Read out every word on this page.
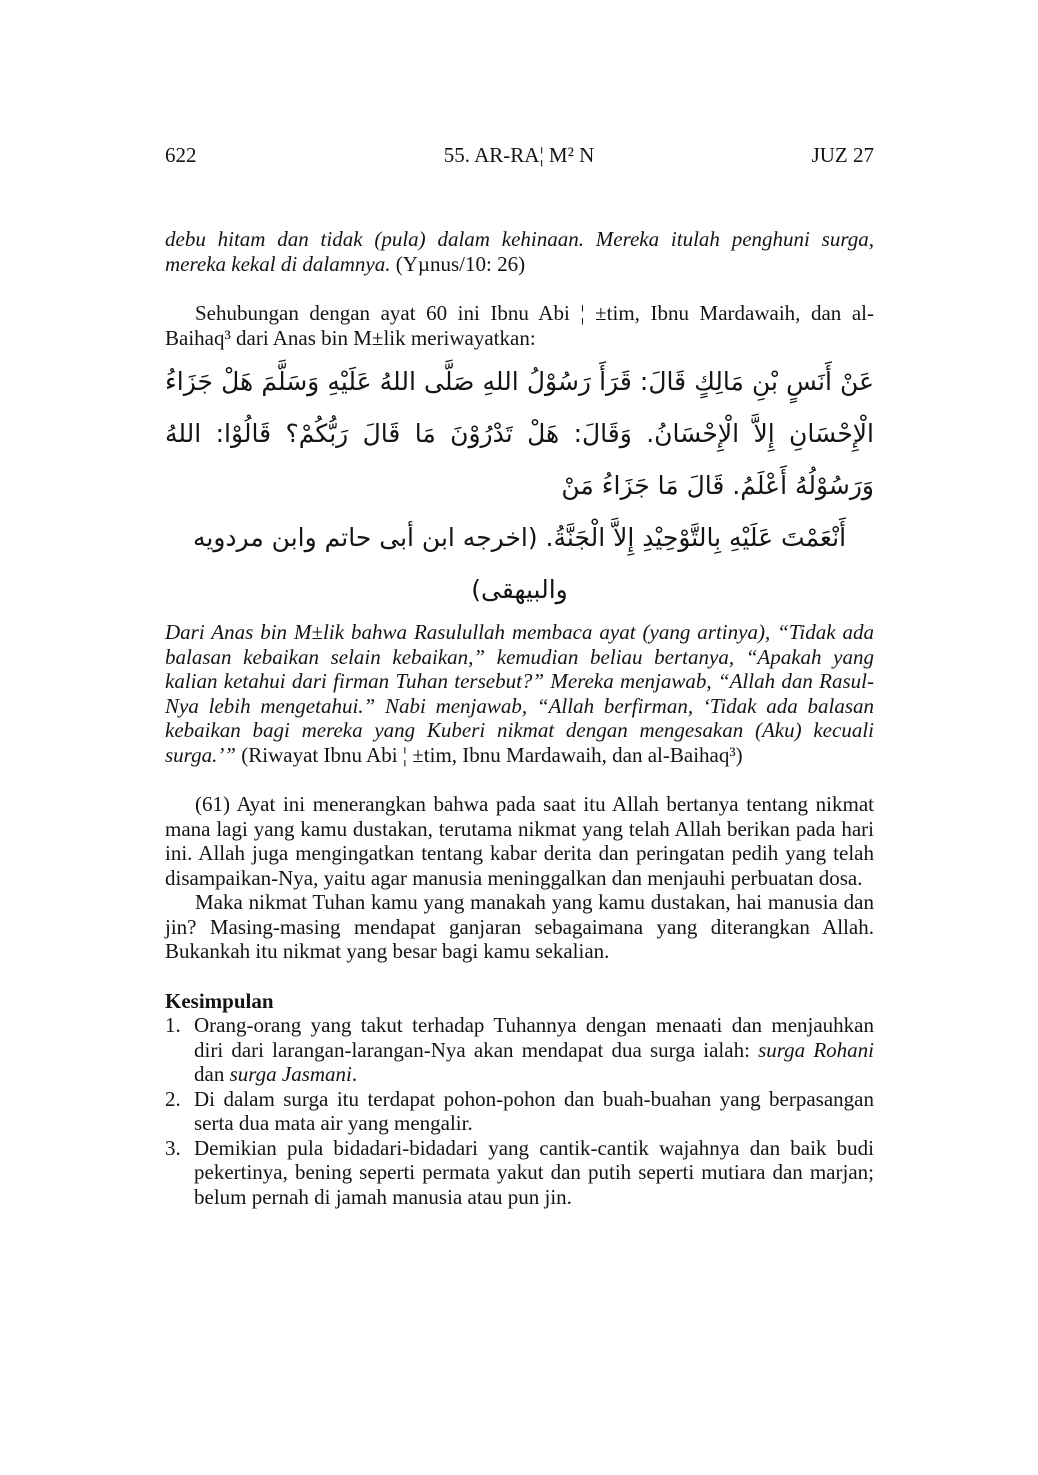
622	55. AR-RA¦ M² N	JUZ 27

debu hitam dan tidak (pula) dalam kehinaan. Mereka itulah penghuni surga, mereka kekal di dalamnya. (Yµnus/10: 26)

Sehubungan dengan ayat 60 ini Ibnu Abi ¦ ±tim, Ibnu Mardawaih, dan al-Baihaq³ dari Anas bin M±lik meriwayatkan:

عَنْ أَنَسٍ بْنِ مَالِكٍ قَالَ: قَرَأَ رَسُوْلُ اللهِ صَلَّى اللهُ عَلَيْهِ وَسَلَّمَ هَلْ جَزَاءُ الْإِحْسَانِ إِلاَّ الْإِحْسَانُ. وَقَالَ: هَلْ تَدْرُوْنَ مَا قَالَ رَبُّكُمْ؟ قَالُوْا: اللهُ وَرَسُوْلُهُ أَعْلَمُ. قَالَ مَا جَزَاءُ مَنْ

أَنْعَمْتَ عَلَيْهِ بِالتَّوْحِيْدِ إِلاَّ الْجَنَّةُ. (اخرجه ابن أبى حاتم وابن مردويه والبيهقى)

Dari Anas bin M±lik bahwa Rasulullah membaca ayat (yang artinya), “Tidak ada balasan kebaikan selain kebaikan,” kemudian beliau bertanya, “Apakah yang kalian ketahui dari firman Tuhan tersebut?” Mereka menjawab, “Allah dan Rasul-Nya lebih mengetahui.” Nabi menjawab, “Allah berfirman, ‘Tidak ada balasan kebaikan bagi mereka yang Kuberi nikmat dengan mengesakan (Aku) kecuali surga.’” (Riwayat Ibnu Abi ¦ ±tim, Ibnu Mardawaih, dan al-Baihaq³)

(61) Ayat ini menerangkan bahwa pada saat itu Allah bertanya tentang nikmat mana lagi yang kamu dustakan, terutama nikmat yang telah Allah berikan pada hari ini. Allah juga mengingatkan tentang kabar derita dan peringatan pedih yang telah disampaikan-Nya, yaitu agar manusia meninggalkan dan menjauhi perbuatan dosa.

Maka nikmat Tuhan kamu yang manakah yang kamu dustakan, hai manusia dan jin? Masing-masing mendapat ganjaran sebagaimana yang diterangkan Allah. Bukankah itu nikmat yang besar bagi kamu sekalian.

Kesimpulan
1. Orang-orang yang takut terhadap Tuhannya dengan menaati dan menjauhkan diri dari larangan-larangan-Nya akan mendapat dua surga ialah: surga Rohani dan surga Jasmani.
2. Di dalam surga itu terdapat pohon-pohon dan buah-buahan yang berpasangan serta dua mata air yang mengalir.
3. Demikian pula bidadari-bidadari yang cantik-cantik wajahnya dan baik budi pekertinya, bening seperti permata yakut dan putih seperti mutiara dan marjan; belum pernah di jamah manusia atau pun jin.
